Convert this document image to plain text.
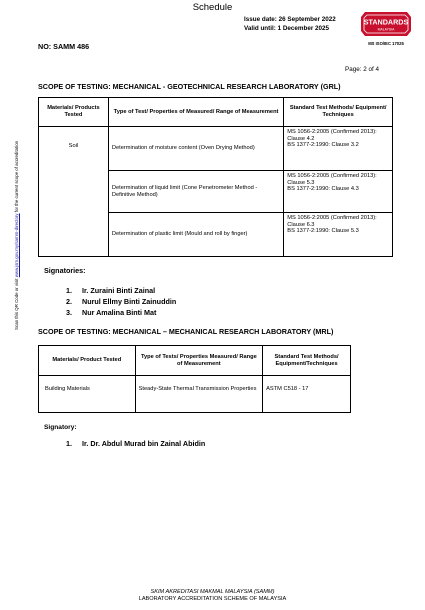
Schedule
Issue date: 26 September 2022
Valid until: 1 December 2025
STANDARDS
MALAYSIA
MS ISO/IEC 17025
NO: SAMM 486
Page: 2 of 4
Scan this QR Code or visit www.jsm.gov.my/samm-directory for the current scope of accreditation
SCOPE OF TESTING: MECHANICAL - GEOTECHNICAL RESEARCH LABORATORY (GRL)
Materials/ Products Tested	Type of Test/ Properties of Measured/ Range of Measurement	Standard Test Methods/ Equipment/ Techniques
Soil	Determination of moisture content (Oven Drying Method)	MS 1056-2:2005 (Confirmed 2013):
Clause 4.2
BS 1377-2:1990: Clause 3.2

	Determination of liquid limit (Cone Penetrometer Method - Definitive Method)	MS 1056-2:2005 (Confirmed 2013):
Clause 5.3
BS 1377-2:1990: Clause 4.3

	Determination of plastic limit (Mould and roll by finger)	MS 1056-2:2005 (Confirmed 2013):
Clause 6.3
BS 1377-2:1990: Clause 5.3
Signatories:
1. Ir. Zuraini Binti Zainal
2. Nurul Ellmy Binti Zainuddin
3. Nur Amalina Binti Mat
SCOPE OF TESTING: MECHANICAL – MECHANICAL RESEARCH LABORATORY (MRL)
Materials/ Product Tested	Type of Tests/ Properties Measured/ Range of Measurement	Standard Test Methods/ Equipment/Techniques
Building Materials	Steady-State Thermal Transmission Properties	ASTM C518 - 17
Signatory:
1. Ir. Dr. Abdul Murad bin Zainal Abidin
SKIM AKREDITASI MAKMAL MALAYSIA (SAMM)
LABORATORY ACCREDITATION SCHEME OF MALAYSIA
